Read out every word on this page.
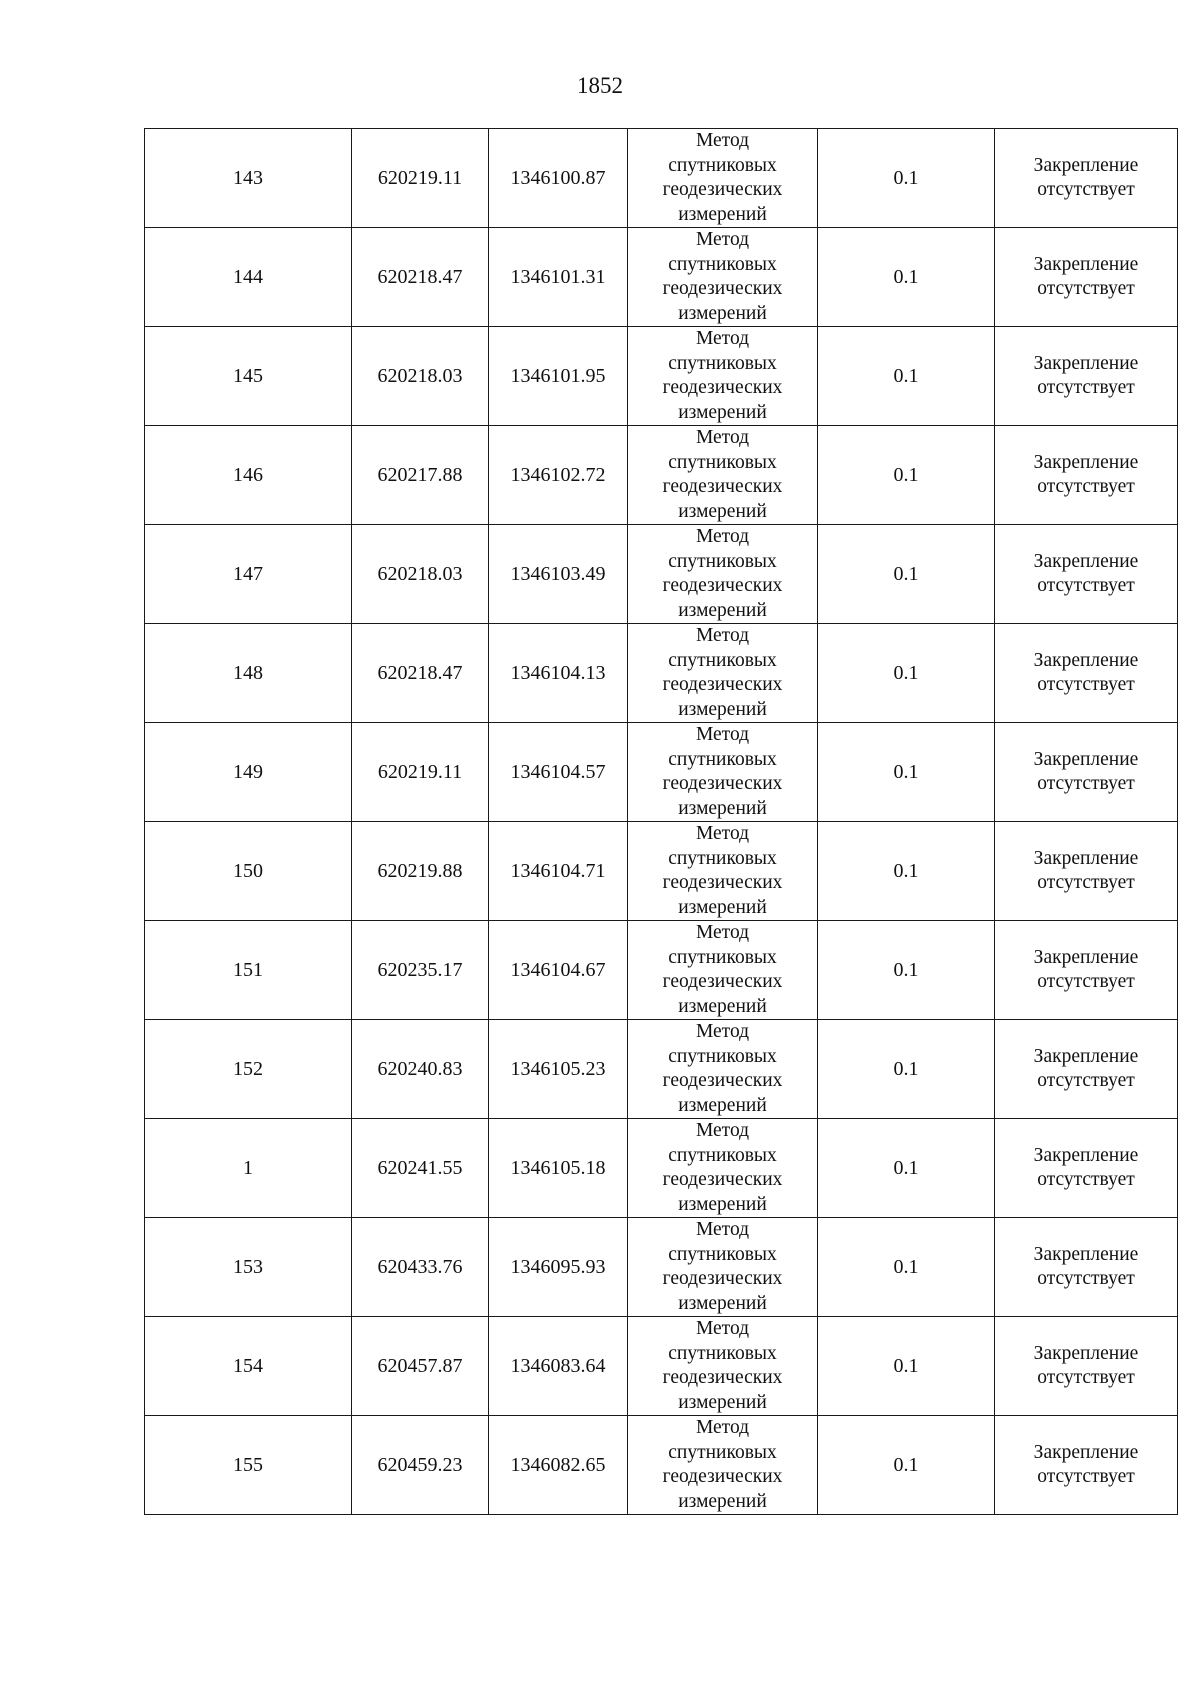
1852
143	620219.11	1346100.87	Метод
спутниковых
геодезических
измерений	0.1	Закрепление
отсутствует
144	620218.47	1346101.31	Метод
спутниковых
геодезических
измерений	0.1	Закрепление
отсутствует
145	620218.03	1346101.95	Метод
спутниковых
геодезических
измерений	0.1	Закрепление
отсутствует
146	620217.88	1346102.72	Метод
спутниковых
геодезических
измерений	0.1	Закрепление
отсутствует
147	620218.03	1346103.49	Метод
спутниковых
геодезических
измерений	0.1	Закрепление
отсутствует
148	620218.47	1346104.13	Метод
спутниковых
геодезических
измерений	0.1	Закрепление
отсутствует
149	620219.11	1346104.57	Метод
спутниковых
геодезических
измерений	0.1	Закрепление
отсутствует
150	620219.88	1346104.71	Метод
спутниковых
геодезических
измерений	0.1	Закрепление
отсутствует
151	620235.17	1346104.67	Метод
спутниковых
геодезических
измерений	0.1	Закрепление
отсутствует
152	620240.83	1346105.23	Метод
спутниковых
геодезических
измерений	0.1	Закрепление
отсутствует
1	620241.55	1346105.18	Метод
спутниковых
геодезических
измерений	0.1	Закрепление
отсутствует
153	620433.76	1346095.93	Метод
спутниковых
геодезических
измерений	0.1	Закрепление
отсутствует
154	620457.87	1346083.64	Метод
спутниковых
геодезических
измерений	0.1	Закрепление
отсутствует
155	620459.23	1346082.65	Метод
спутниковых
геодезических
измерений	0.1	Закрепление
отсутствует
